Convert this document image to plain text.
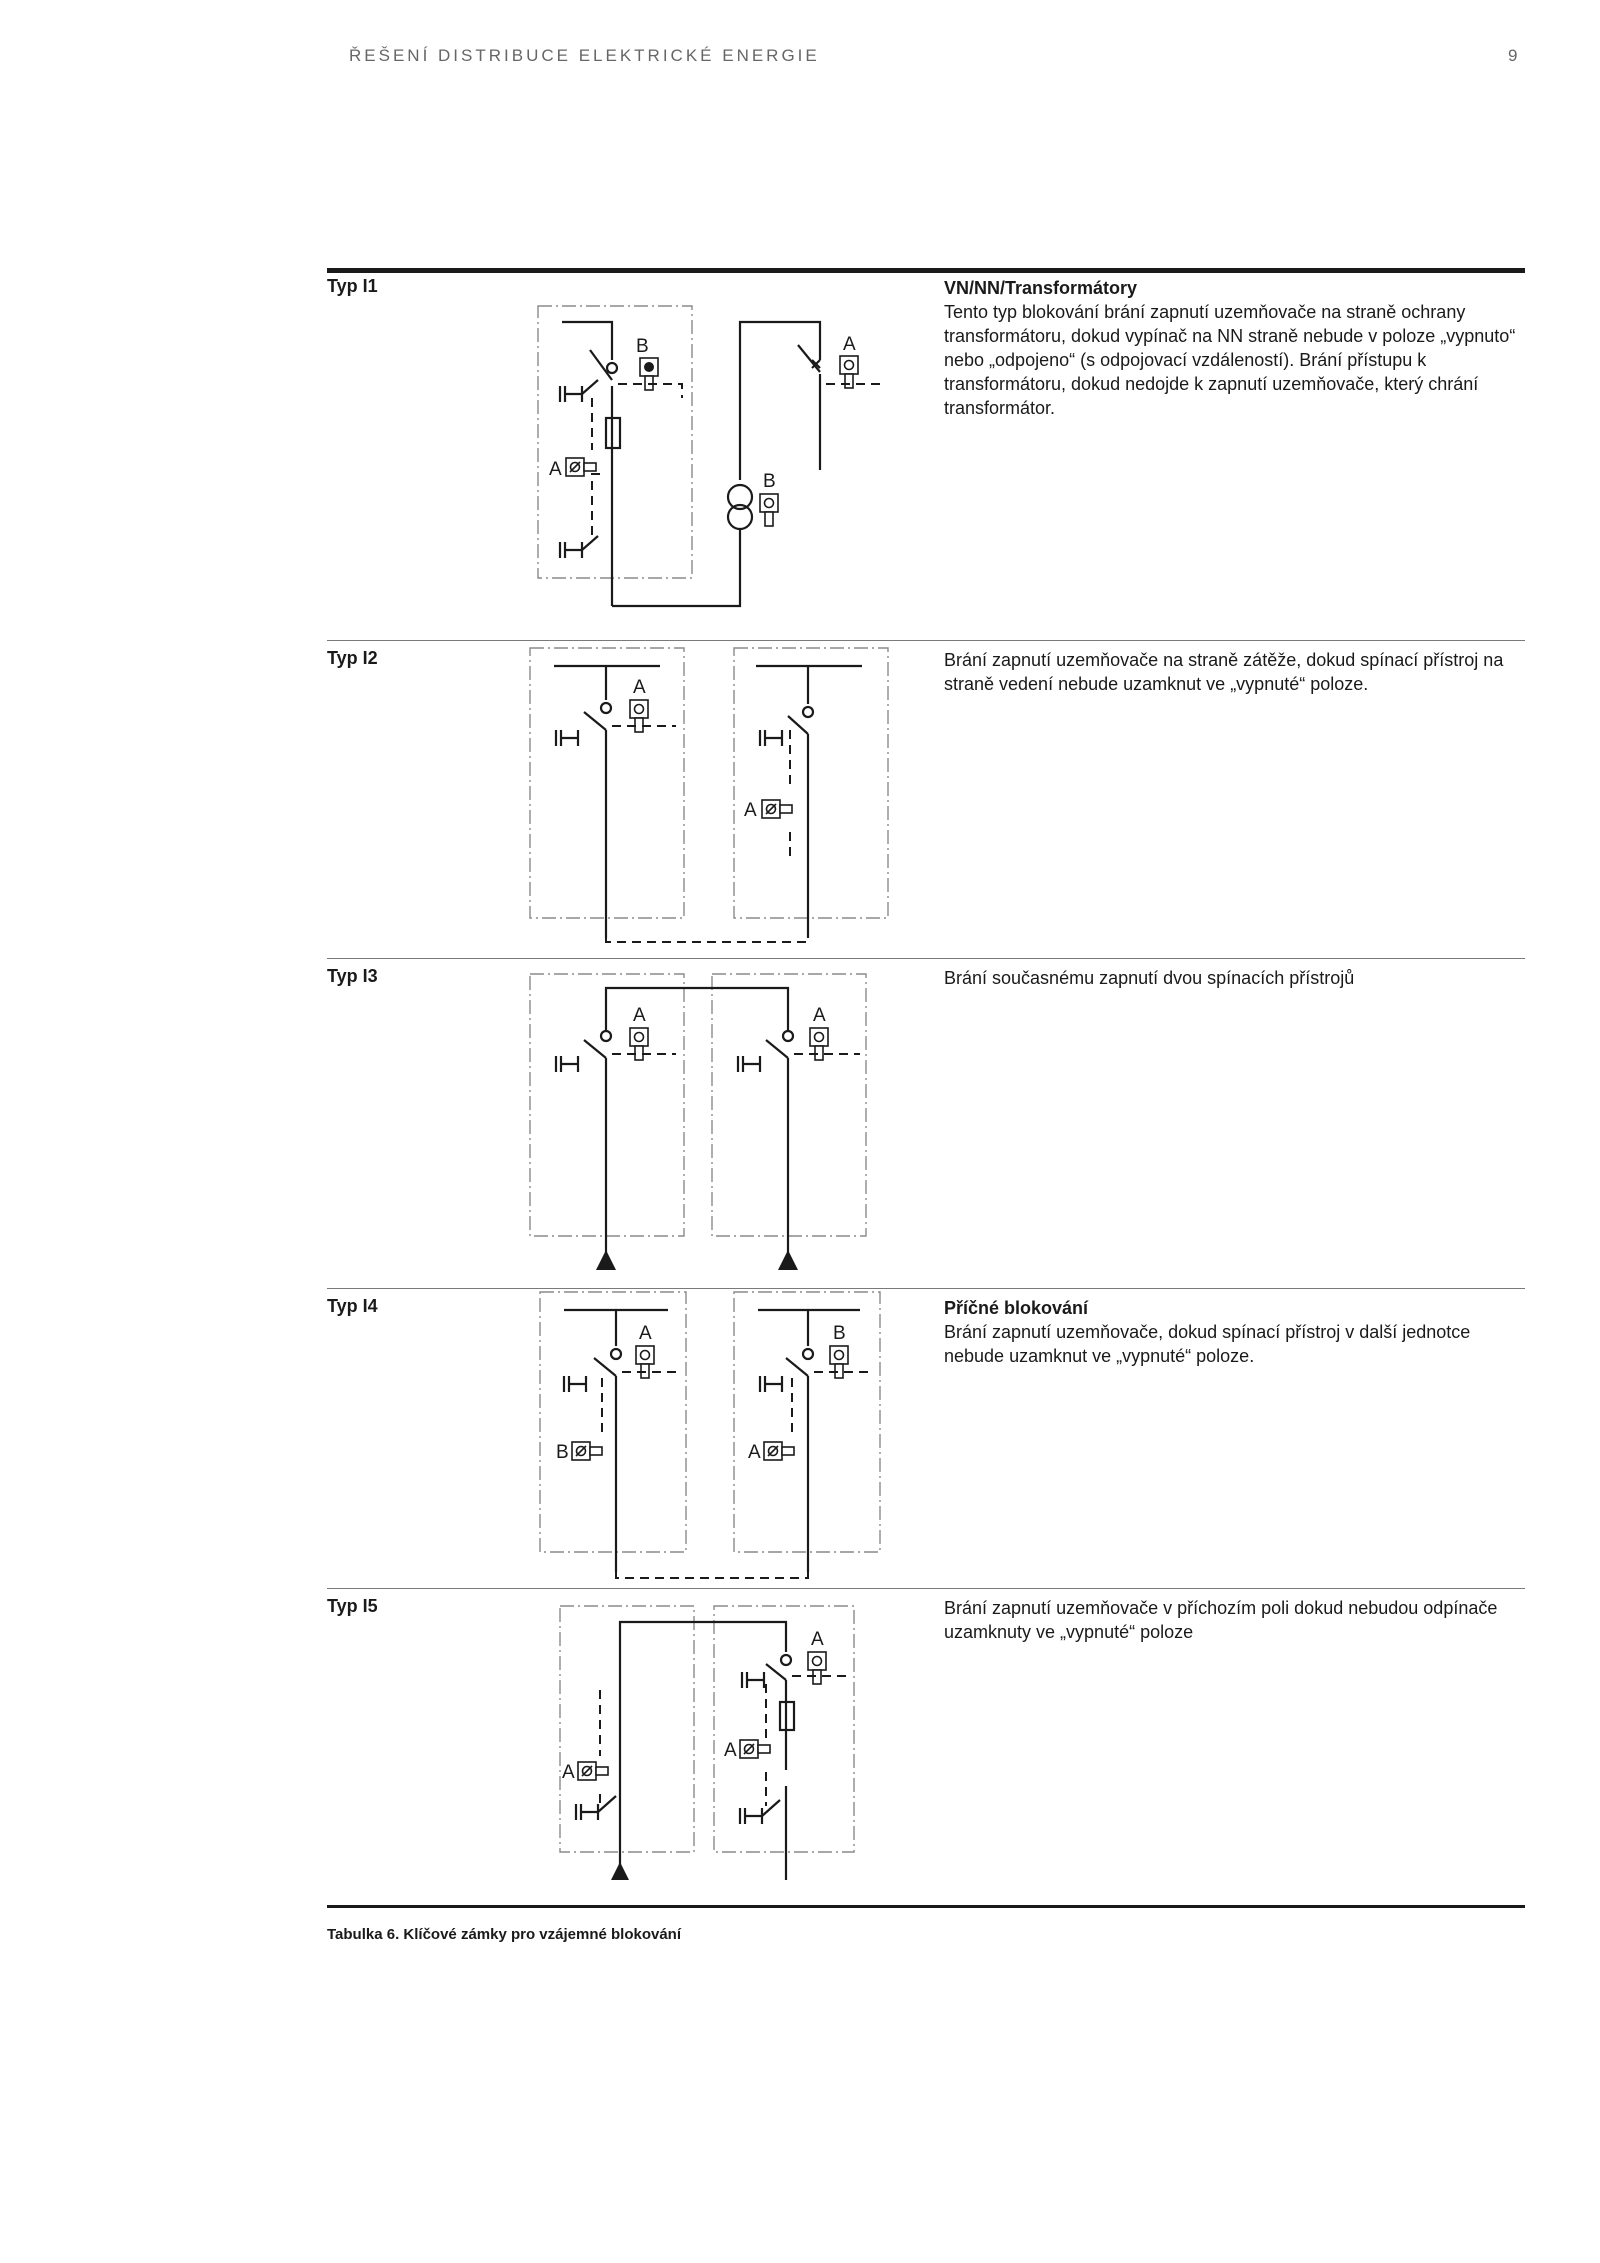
ŘEŠENÍ DISTRIBUCE ELEKTRICKÉ ENERGIE	9
Typ I1
Typ I2
Typ I3
Typ I4
Typ I5
VN/NN/Transformátory
Tento typ blokování brání zapnutí uzemňovače na straně ochrany transformátoru, dokud vypínač na NN straně nebude v poloze „vypnuto“ nebo „odpojeno“ (s odpojovací vzdáleností). Brání přístupu k transformátoru, dokud nedojde k zapnutí uzemňovače, který chrání transformátor.
Brání zapnutí uzemňovače na straně zátěže, dokud spínací přístroj na straně vedení nebude uzamknut ve „vypnuté“ poloze.
Brání současnému zapnutí dvou spínacích přístrojů
Příčné blokování
Brání zapnutí uzemňovače, dokud spínací přístroj v další jednotce nebude uzamknut ve „vypnuté“ poloze.
Brání zapnutí uzemňovače v příchozím poli dokud nebudou odpínače uzamknuty ve „vypnuté“ poloze
Tabulka 6. Klíčové zámky pro vzájemné blokování
B
A
A
B
A
A
A	A
A
B
B
A
A
A
A
